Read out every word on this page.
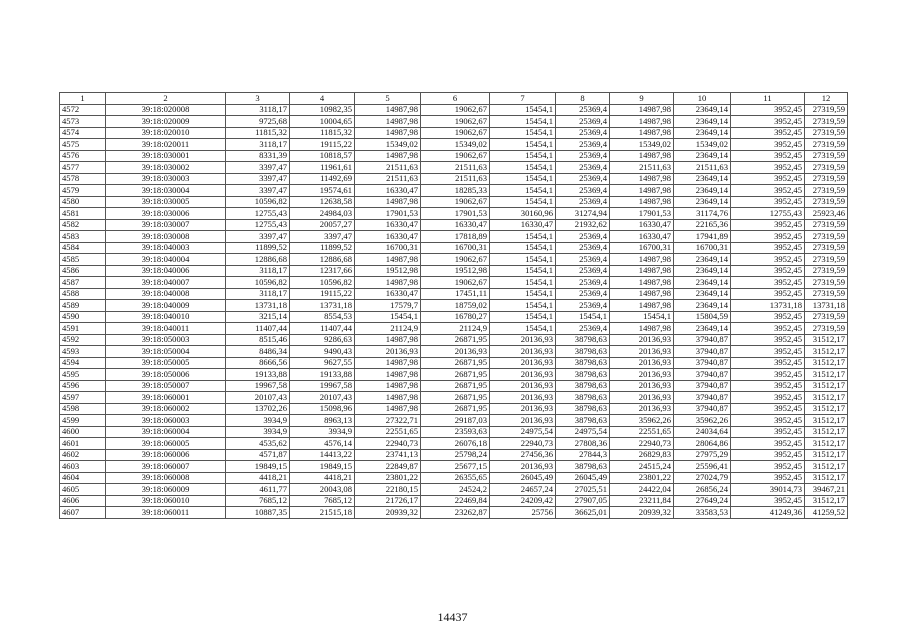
1	2	3	4	5	6	7	8	9	10	11	12
4572	39:18:020008	3118,17	10982,35	14987,98	19062,67	15454,1	25369,4	14987,98	23649,14	3952,45	27319,59
4573	39:18:020009	9725,68	10004,65	14987,98	19062,67	15454,1	25369,4	14987,98	23649,14	3952,45	27319,59
4574	39:18:020010	11815,32	11815,32	14987,98	19062,67	15454,1	25369,4	14987,98	23649,14	3952,45	27319,59
4575	39:18:020011	3118,17	19115,22	15349,02	15349,02	15454,1	25369,4	15349,02	15349,02	3952,45	27319,59
4576	39:18:030001	8331,39	10818,57	14987,98	19062,67	15454,1	25369,4	14987,98	23649,14	3952,45	27319,59
4577	39:18:030002	3397,47	11961,61	21511,63	21511,63	15454,1	25369,4	21511,63	21511,63	3952,45	27319,59
4578	39:18:030003	3397,47	11492,69	21511,63	21511,63	15454,1	25369,4	14987,98	23649,14	3952,45	27319,59
4579	39:18:030004	3397,47	19574,61	16330,47	18285,33	15454,1	25369,4	14987,98	23649,14	3952,45	27319,59
4580	39:18:030005	10596,82	12638,58	14987,98	19062,67	15454,1	25369,4	14987,98	23649,14	3952,45	27319,59
4581	39:18:030006	12755,43	24984,03	17901,53	17901,53	30160,96	31274,94	17901,53	31174,76	12755,43	25923,46
4582	39:18:030007	12755,43	20057,27	16330,47	16330,47	16330,47	21932,62	16330,47	22165,36	3952,45	27319,59
4583	39:18:030008	3397,47	3397,47	16330,47	17818,89	15454,1	25369,4	16330,47	17941,89	3952,45	27319,59
4584	39:18:040003	11899,52	11899,52	16700,31	16700,31	15454,1	25369,4	16700,31	16700,31	3952,45	27319,59
4585	39:18:040004	12886,68	12886,68	14987,98	19062,67	15454,1	25369,4	14987,98	23649,14	3952,45	27319,59
4586	39:18:040006	3118,17	12317,66	19512,98	19512,98	15454,1	25369,4	14987,98	23649,14	3952,45	27319,59
4587	39:18:040007	10596,82	10596,82	14987,98	19062,67	15454,1	25369,4	14987,98	23649,14	3952,45	27319,59
4588	39:18:040008	3118,17	19115,22	16330,47	17451,11	15454,1	25369,4	14987,98	23649,14	3952,45	27319,59
4589	39:18:040009	13731,18	13731,18	17579,7	18759,02	15454,1	25369,4	14987,98	23649,14	13731,18	13731,18
4590	39:18:040010	3215,14	8554,53	15454,1	16780,27	15454,1	15454,1	15454,1	15804,59	3952,45	27319,59
4591	39:18:040011	11407,44	11407,44	21124,9	21124,9	15454,1	25369,4	14987,98	23649,14	3952,45	27319,59
4592	39:18:050003	8515,46	9286,63	14987,98	26871,95	20136,93	38798,63	20136,93	37940,87	3952,45	31512,17
4593	39:18:050004	8486,34	9490,43	20136,93	20136,93	20136,93	38798,63	20136,93	37940,87	3952,45	31512,17
4594	39:18:050005	8666,56	9627,55	14987,98	26871,95	20136,93	38798,63	20136,93	37940,87	3952,45	31512,17
4595	39:18:050006	19133,88	19133,88	14987,98	26871,95	20136,93	38798,63	20136,93	37940,87	3952,45	31512,17
4596	39:18:050007	19967,58	19967,58	14987,98	26871,95	20136,93	38798,63	20136,93	37940,87	3952,45	31512,17
4597	39:18:060001	20107,43	20107,43	14987,98	26871,95	20136,93	38798,63	20136,93	37940,87	3952,45	31512,17
4598	39:18:060002	13702,26	15098,96	14987,98	26871,95	20136,93	38798,63	20136,93	37940,87	3952,45	31512,17
4599	39:18:060003	3934,9	8963,13	27322,71	29187,03	20136,93	38798,63	35962,26	35962,26	3952,45	31512,17
4600	39:18:060004	3934,9	3934,9	22551,65	23593,63	24975,54	24975,54	22551,65	24034,64	3952,45	31512,17
4601	39:18:060005	4535,62	4576,14	22940,73	26076,18	22940,73	27808,36	22940,73	28064,86	3952,45	31512,17
4602	39:18:060006	4571,87	14413,22	23741,13	25798,24	27456,36	27844,3	26829,83	27975,29	3952,45	31512,17
4603	39:18:060007	19849,15	19849,15	22849,87	25677,15	20136,93	38798,63	24515,24	25596,41	3952,45	31512,17
4604	39:18:060008	4418,21	4418,21	23801,22	26355,65	26045,49	26045,49	23801,22	27024,79	3952,45	31512,17
4605	39:18:060009	4611,77	20043,08	22180,15	24524,2	24657,24	27025,51	24422,04	26856,24	39014,73	39467,21
4606	39:18:060010	7685,12	7685,12	21726,17	22469,84	24209,42	27907,05	23211,84	27649,24	3952,45	31512,17
4607	39:18:060011	10887,35	21515,18	20939,32	23262,87	25756	36625,01	20939,32	33583,53	41249,36	41259,52
14437
